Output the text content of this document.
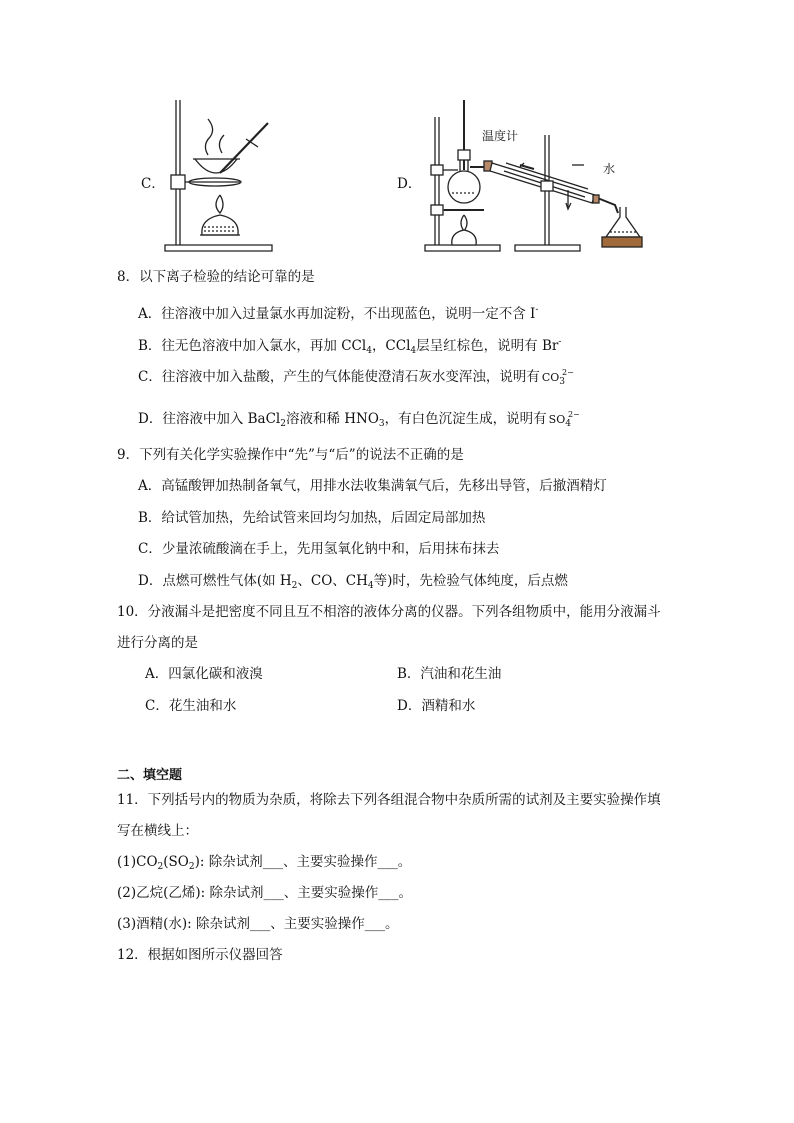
C．	D．
温度计
水
8．以下离子检验的结论可靠的是
A．往溶液中加入过量氯水再加淀粉，不出现蓝色，说明一定不含 I-
B．往无色溶液中加入氯水，再加 CCl$_4$，CCl$_4$层呈红棕色，说明有 Br-
C．往溶液中加入盐酸，产生的气体能使澄清石灰水变浑浊，说明有 $CO_3^{2-}$
D．往溶液中加入 BaCl$_2$溶液和稀 $HNO_3$，有白色沉淀生成，说明有 $SO_4^{2-}$
9．下列有关化学实验操作中“先”与“后”的说法不正确的是
A．高锰酸钾加热制备氧气，用排水法收集满氧气后，先移出导管，后撤酒精灯
B．给试管加热，先给试管来回均匀加热，后固定局部加热
C．少量浓硫酸滴在手上，先用氢氧化钠中和，后用抹布抹去
D．点燃可燃性气体(如 $H_2$、CO、$CH_4$等)时，先检验气体纯度，后点燃
10．分液漏斗是把密度不同且互不相溶的液体分离的仪器。下列各组物质中，能用分液漏斗
进行分离的是
A．四氯化碳和液溴	B．汽油和花生油
C．花生油和水	D．酒精和水
二、填空题
11．下列括号内的物质为杂质，将除去下列各组混合物中杂质所需的试剂及主要实验操作填
写在横线上：
$(1)CO_2(SO_2)$: 除杂试剂___、主要实验操作___。
(2)乙烷(乙烯): 除杂试剂___、主要实验操作___。
(3)酒精(水): 除杂试剂___、主要实验操作___。
12．根据如图所示仪器回答
